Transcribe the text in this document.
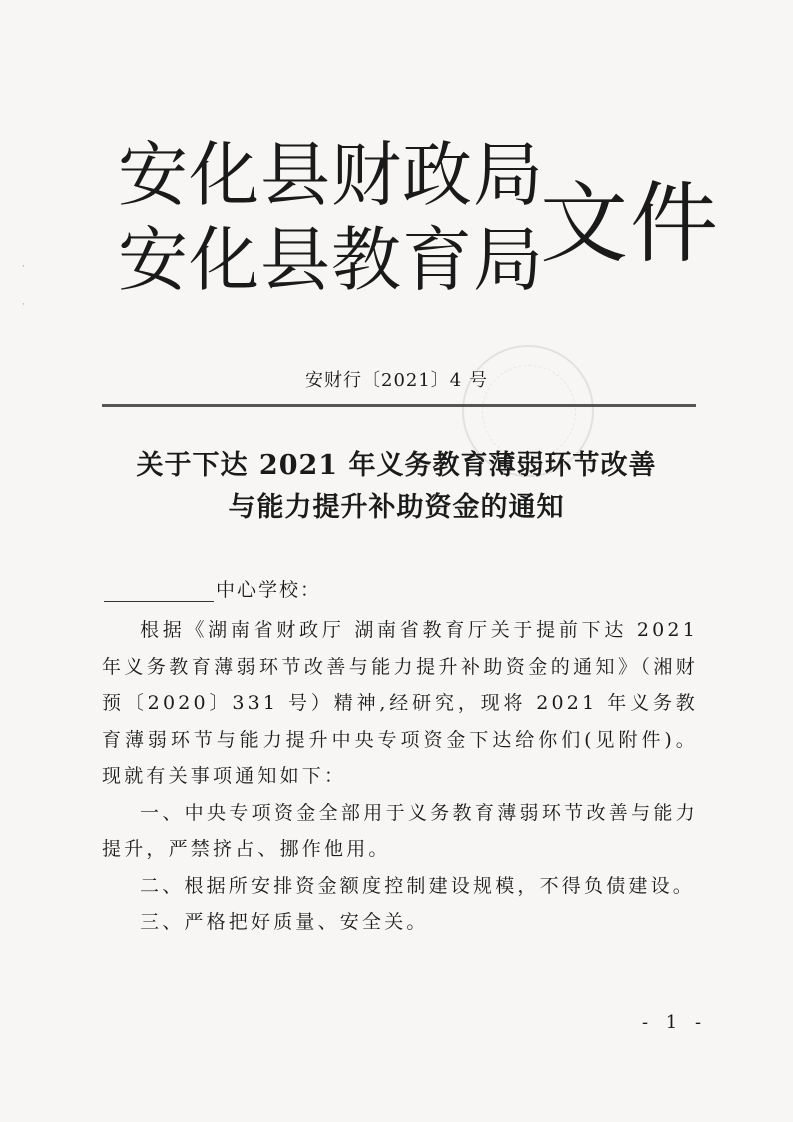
·
·
安化县财政局
安化县教育局
文件
安财行〔2021〕4 号
关于下达 2021 年义务教育薄弱环节改善
与能力提升补助资金的通知
中心学校：

根据《湖南省财政厅 湖南省教育厅关于提前下达 2021 年义务教育薄弱环节改善与能力提升补助资金的通知》（湘财预〔2020〕331 号）精神,经研究，现将 2021 年义务教育薄弱环节与能力提升中央专项资金下达给你们(见附件)。现就有关事项通知如下：

一、中央专项资金全部用于义务教育薄弱环节改善与能力提升，严禁挤占、挪作他用。

二、根据所安排资金额度控制建设规模，不得负债建设。

三、严格把好质量、安全关。

- 1 -
